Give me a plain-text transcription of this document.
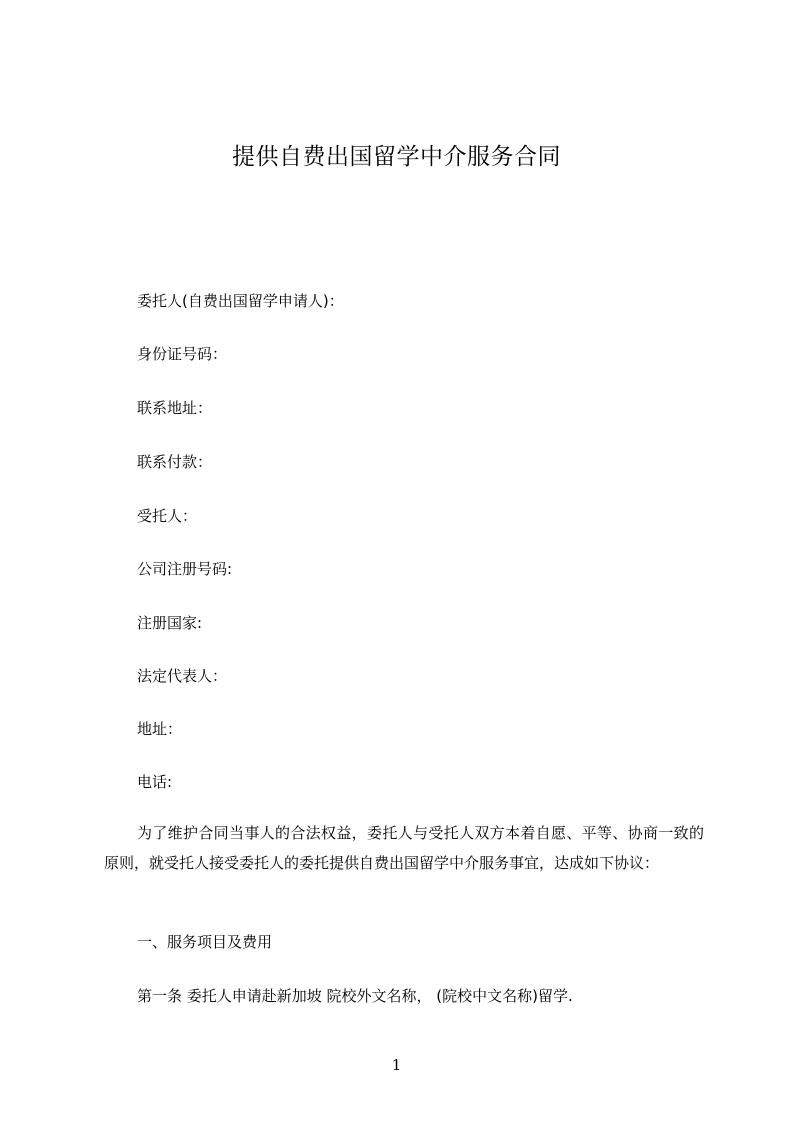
提供自费出国留学中介服务合同
委托人(自费出国留学申请人)：
身份证号码：
联系地址：
联系付款：
受托人：
公司注册号码:
注册国家:
法定代表人：
地址：
电话:
为了维护合同当事人的合法权益，委托人与受托人双方本着自愿、平等、协商一致的原则，就受托人接受委托人的委托提供自费出国留学中介服务事宜，达成如下协议：
一、服务项目及费用
第一条 委托人申请赴新加坡 院校外文名称， (院校中文名称)留学.
1
